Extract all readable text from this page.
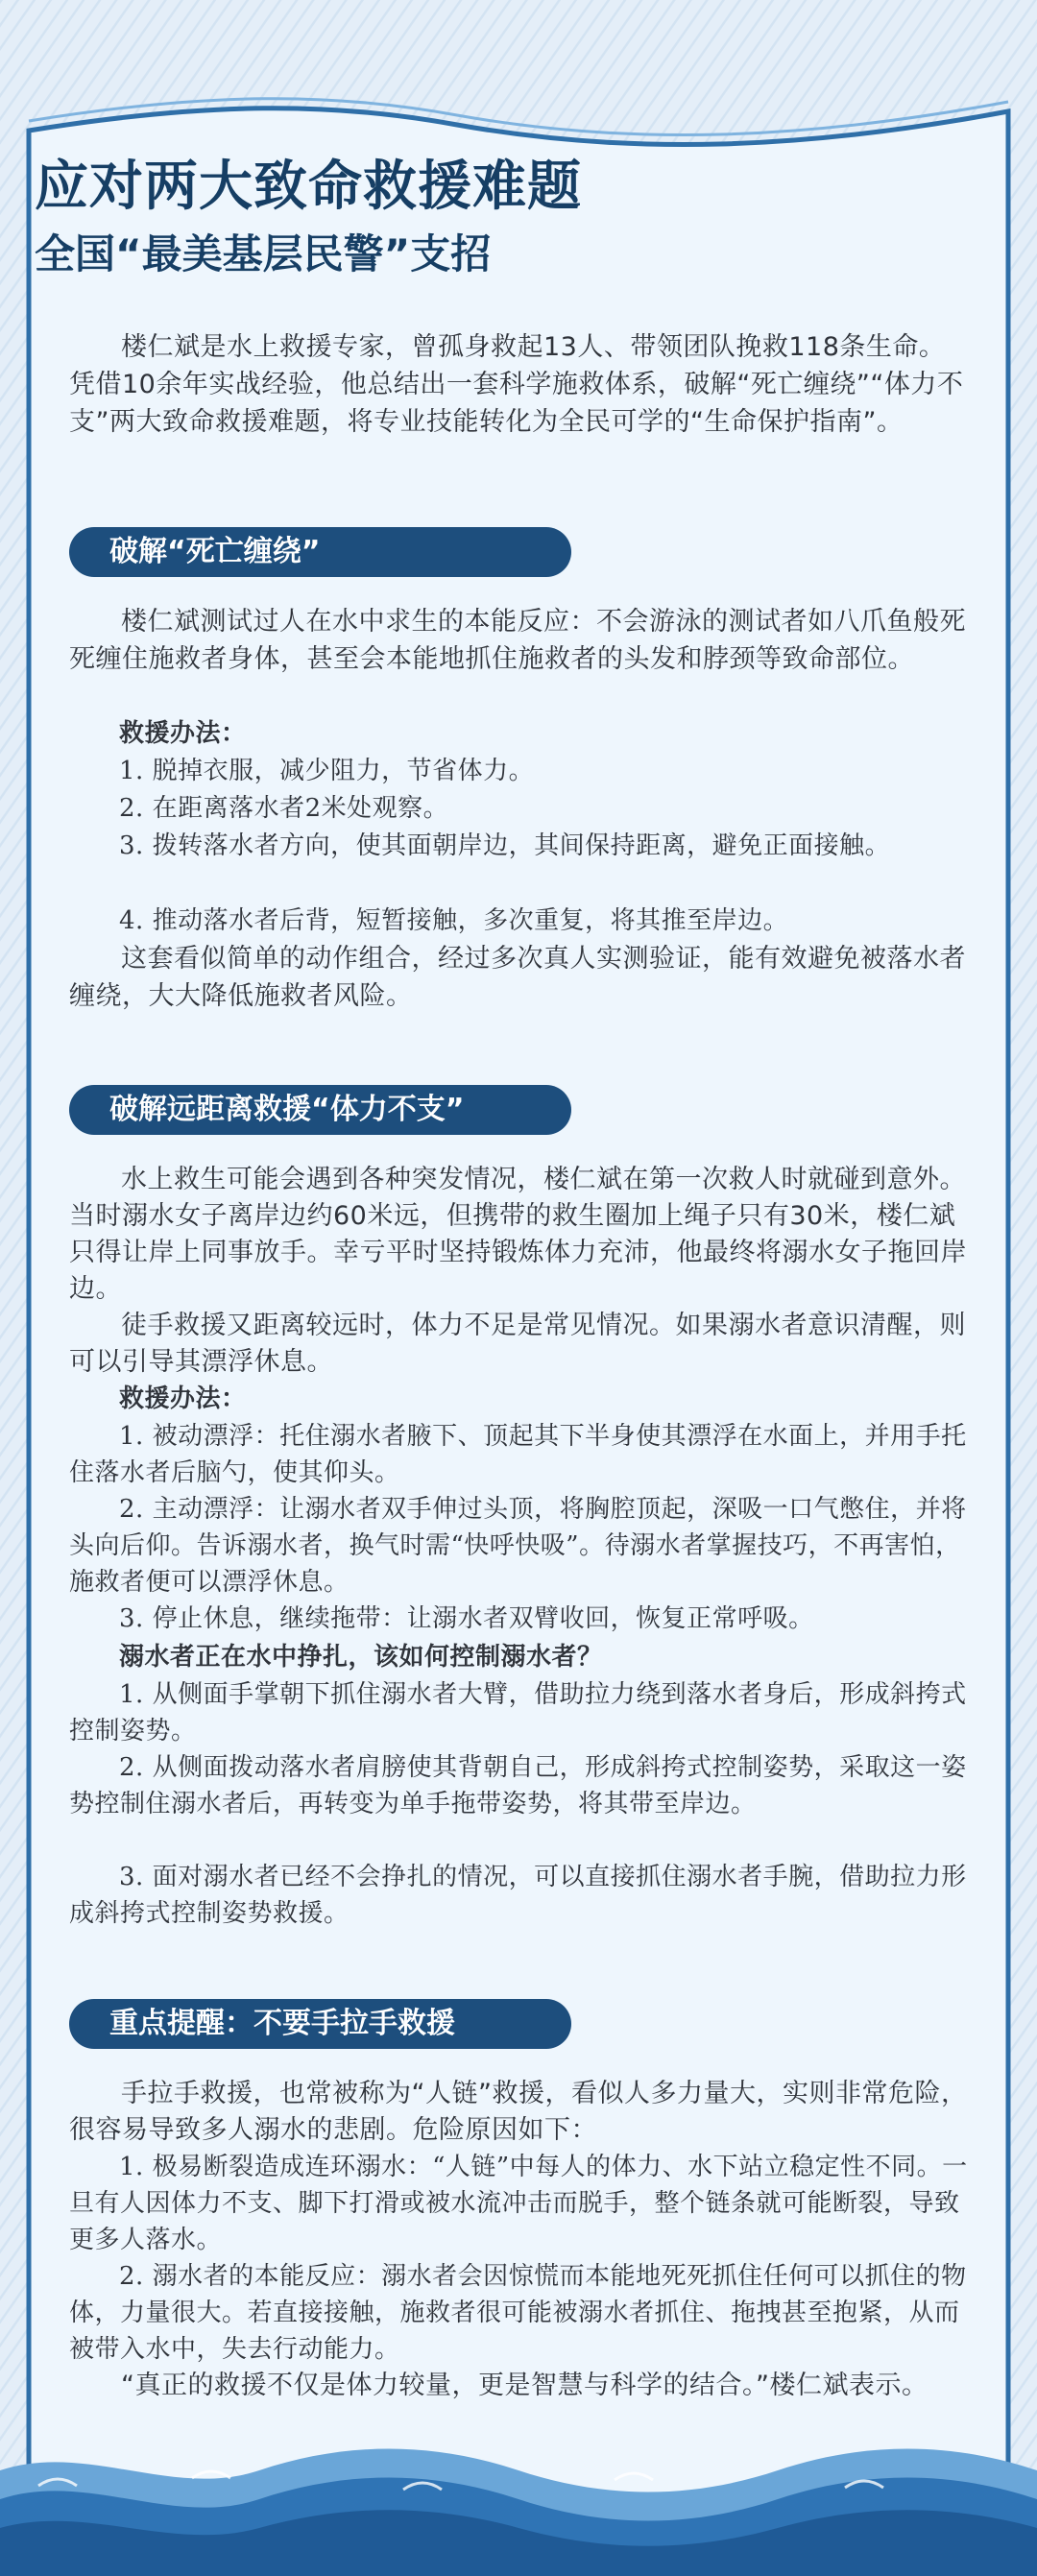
应对两大致命救援难题
全国“最美基层民警”支招

楼仁斌是水上救援专家，曾孤身救起13人、带领团队挽救118条生命。凭借10余年实战经验，他总结出一套科学施救体系，破解“死亡缠绕”“体力不支”两大致命救援难题，将专业技能转化为全民可学的“生命保护指南”。

破解“死亡缠绕”

楼仁斌测试过人在水中求生的本能反应：不会游泳的测试者如八爪鱼般死死缠住施救者身体，甚至会本能地抓住施救者的头发和脖颈等致命部位。

救援办法：

1. 脱掉衣服，减少阻力，节省体力。

2. 在距离落水者2米处观察。

3. 拨转落水者方向，使其面朝岸边，其间保持距离，避免正面接触。

4. 推动落水者后背，短暂接触，多次重复，将其推至岸边。

这套看似简单的动作组合，经过多次真人实测验证，能有效避免被落水者缠绕，大大降低施救者风险。

破解远距离救援“体力不支”

水上救生可能会遇到各种突发情况，楼仁斌在第一次救人时就碰到意外。当时溺水女子离岸边约60米远，但携带的救生圈加上绳子只有30米，楼仁斌只得让岸上同事放手。幸亏平时坚持锻炼体力充沛，他最终将溺水女子拖回岸边。

徒手救援又距离较远时，体力不足是常见情况。如果溺水者意识清醒，则可以引导其漂浮休息。

救援办法：

1. 被动漂浮：托住溺水者腋下、顶起其下半身使其漂浮在水面上，并用手托住落水者后脑勺，使其仰头。

2. 主动漂浮：让溺水者双手伸过头顶，将胸腔顶起，深吸一口气憋住，并将头向后仰。告诉溺水者，换气时需“快呼快吸”。待溺水者掌握技巧，不再害怕，施救者便可以漂浮休息。

3. 停止休息，继续拖带：让溺水者双臂收回，恢复正常呼吸。

溺水者正在水中挣扎，该如何控制溺水者？

1. 从侧面手掌朝下抓住溺水者大臂，借助拉力绕到落水者身后，形成斜挎式控制姿势。

2. 从侧面拨动落水者肩膀使其背朝自己，形成斜挎式控制姿势，采取这一姿势控制住溺水者后，再转变为单手拖带姿势，将其带至岸边。

3. 面对溺水者已经不会挣扎的情况，可以直接抓住溺水者手腕，借助拉力形成斜挎式控制姿势救援。

重点提醒：不要手拉手救援

手拉手救援，也常被称为“人链”救援，看似人多力量大，实则非常危险，很容易导致多人溺水的悲剧。危险原因如下：

1. 极易断裂造成连环溺水：“人链”中每人的体力、水下站立稳定性不同。一旦有人因体力不支、脚下打滑或被水流冲击而脱手，整个链条就可能断裂，导致更多人落水。

2. 溺水者的本能反应：溺水者会因惊慌而本能地死死抓住任何可以抓住的物体，力量很大。若直接接触，施救者很可能被溺水者抓住、拖拽甚至抱紧，从而被带入水中，失去行动能力。

“真正的救援不仅是体力较量，更是智慧与科学的结合。”楼仁斌表示。
